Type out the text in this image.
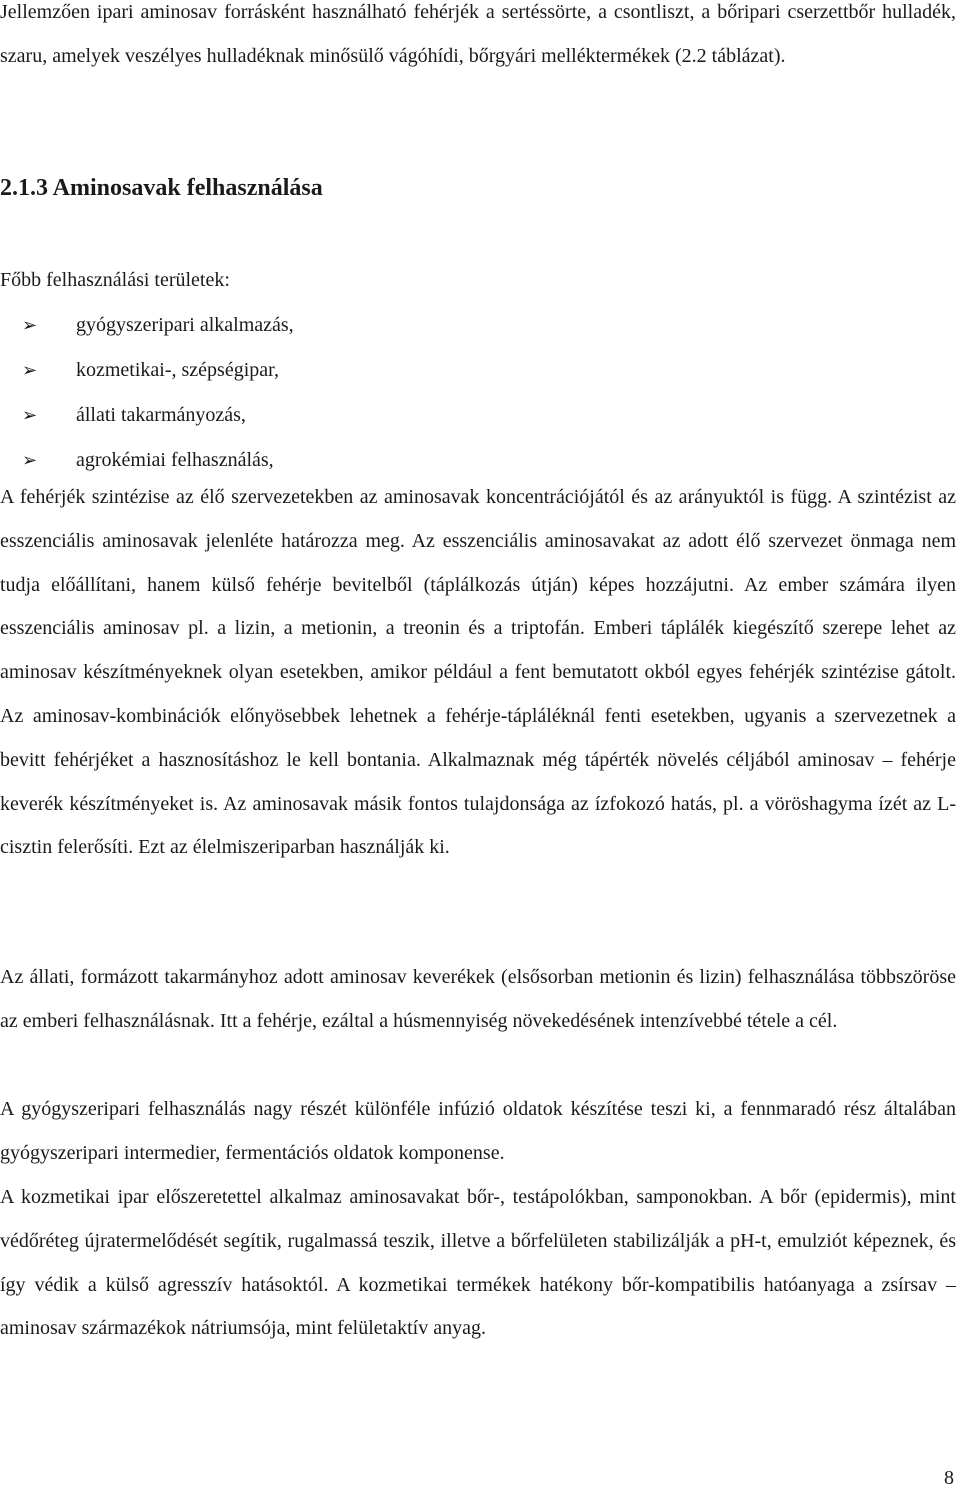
Jellemzően ipari aminosav forrásként használható fehérjék a sertéssörte, a csontliszt, a bőripari cserzettbőr hulladék, szaru, amelyek veszélyes hulladéknak minősülő vágóhídi, bőrgyári melléktermékek (2.2 táblázat).

2.1.3 Aminosavak felhasználása

Főbb felhasználási területek:

➢ gyógyszeripari alkalmazás,
➢ kozmetikai-, szépségipar,
➢ állati takarmányozás,
➢ agrokémiai felhasználás,

A fehérjék szintézise az élő szervezetekben az aminosavak koncentrációjától és az arányuktól is függ. A szintézist az esszenciális aminosavak jelenléte határozza meg. Az esszenciális aminosavakat az adott élő szervezet önmaga nem tudja előállítani, hanem külső fehérje bevitelből (táplálkozás útján) képes hozzájutni. Az ember számára ilyen esszenciális aminosav pl. a lizin, a metionin, a treonin és a triptofán. Emberi táplálék kiegészítő szerepe lehet az aminosav készítményeknek olyan esetekben, amikor például a fent bemutatott okból egyes fehérjék szintézise gátolt. Az aminosav-kombinációk előnyösebbek lehetnek a fehérje-tápláléknál fenti esetekben, ugyanis a szervezetnek a bevitt fehérjéket a hasznosításhoz le kell bontania. Alkalmaznak még tápérték növelés céljából aminosav – fehérje keverék készítményeket is. Az aminosavak másik fontos tulajdonsága az ízfokozó hatás, pl. a vöröshagyma ízét az L-cisztin felerősíti. Ezt az élelmiszeriparban használják ki.

Az állati, formázott takarmányhoz adott aminosav keverékek (elsősorban metionin és lizin) felhasználása többszöröse az emberi felhasználásnak. Itt a fehérje, ezáltal a húsmennyiség növekedésének intenzívebbé tétele a cél.

A gyógyszeripari felhasználás nagy részét különféle infúzió oldatok készítése teszi ki, a fennmaradó rész általában gyógyszeripari intermedier, fermentációs oldatok komponense.

A kozmetikai ipar előszeretettel alkalmaz aminosavakat bőr-, testápolókban, samponokban. A bőr (epidermis), mint védőréteg újratermelődését segítik, rugalmassá teszik, illetve a bőrfelületen stabilizálják a pH-t, emulziót képeznek, és így védik a külső agresszív hatásoktól. A kozmetikai termékek hatékony bőr-kompatibilis hatóanyaga a zsírsav – aminosav származékok nátriumsója, mint felületaktív anyag.

8
